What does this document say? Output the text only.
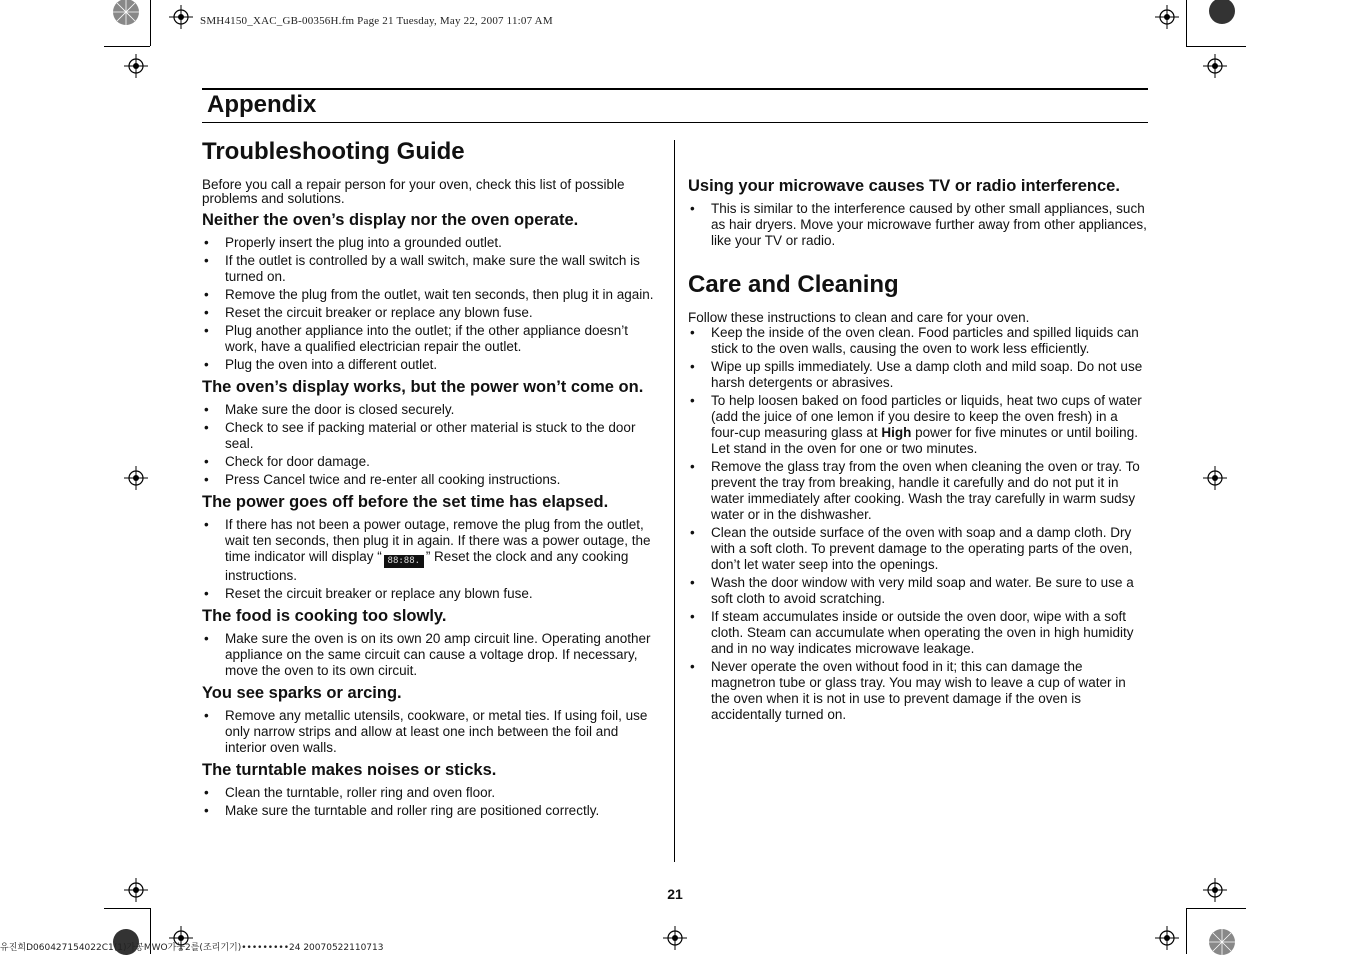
SMH4150_XAC_GB-00356H.fm Page 21 Tuesday, May 22, 2007 11:07 AM
Appendix
Troubleshooting Guide

Before you call a repair person for your oven, check this list of possible problems and solutions.

Neither the oven’s display nor the oven operate.
• Properly insert the plug into a grounded outlet.
• If the outlet is controlled by a wall switch, make sure the wall switch is turned on.
• Remove the plug from the outlet, wait ten seconds, then plug it in again.
• Reset the circuit breaker or replace any blown fuse.
• Plug another appliance into the outlet; if the other appliance doesn’t work, have a qualified electrician repair the outlet.
• Plug the oven into a different outlet.
The oven’s display works, but the power won’t come on.
• Make sure the door is closed securely.
• Check to see if packing material or other material is stuck to the door seal.
• Check for door damage.
• Press Cancel twice and re-enter all cooking instructions.
The power goes off before the set time has elapsed.
• If there has not been a power outage, remove the plug from the outlet, wait ten seconds, then plug it in again. If there was a power outage, the time indicator will display “ 88:88. ” Reset the clock and any cooking instructions.
• Reset the circuit breaker or replace any blown fuse.
The food is cooking too slowly.
• Make sure the oven is on its own 20 amp circuit line. Operating another appliance on the same circuit can cause a voltage drop. If necessary, move the oven to its own circuit.
You see sparks or arcing.
• Remove any metallic utensils, cookware, or metal ties. If using foil, use only narrow strips and allow at least one inch between the foil and interior oven walls.
The turntable makes noises or sticks.
• Clean the turntable, roller ring and oven floor.
• Make sure the turntable and roller ring are positioned correctly.
Using your microwave causes TV or radio interference.
• This is similar to the interference caused by other small appliances, such as hair dryers. Move your microwave further away from other appliances, like your TV or radio.
Care and Cleaning

Follow these instructions to clean and care for your oven.

• Keep the inside of the oven clean. Food particles and spilled liquids can stick to the oven walls, causing the oven to work less efficiently.
• Wipe up spills immediately. Use a damp cloth and mild soap. Do not use harsh detergents or abrasives.
• To help loosen baked on food particles or liquids, heat two cups of water (add the juice of one lemon if you desire to keep the oven fresh) in a four-cup measuring glass at High power for five minutes or until boiling. Let stand in the oven for one or two minutes.
• Remove the glass tray from the oven when cleaning the oven or tray. To prevent the tray from breaking, handle it carefully and do not put it in water immediately after cooking. Wash the tray carefully in warm sudsy water or in the dishwasher.
• Clean the outside surface of the oven with soap and a damp cloth. Dry with a soft cloth. To prevent damage to the operating parts of the oven, don’t let water seep into the openings.
• Wash the door window with very mild soap and water. Be sure to use a soft cloth to avoid scratching.
• If steam accumulates inside or outside the oven door, wipe with a soft cloth. Steam can accumulate when operating the oven in high humidity and in no way indicates microwave leakage.
• Never operate the oven without food in it; this can damage the magnetron tube or glass tray. You may wish to leave a cup of water in the oven when it is not in use to prevent damage if the oven is accidentally turned on.
21
유진희D060427154022C1(1)가공MWO가능2를(조리기기)•••••••••24 20070522110713
